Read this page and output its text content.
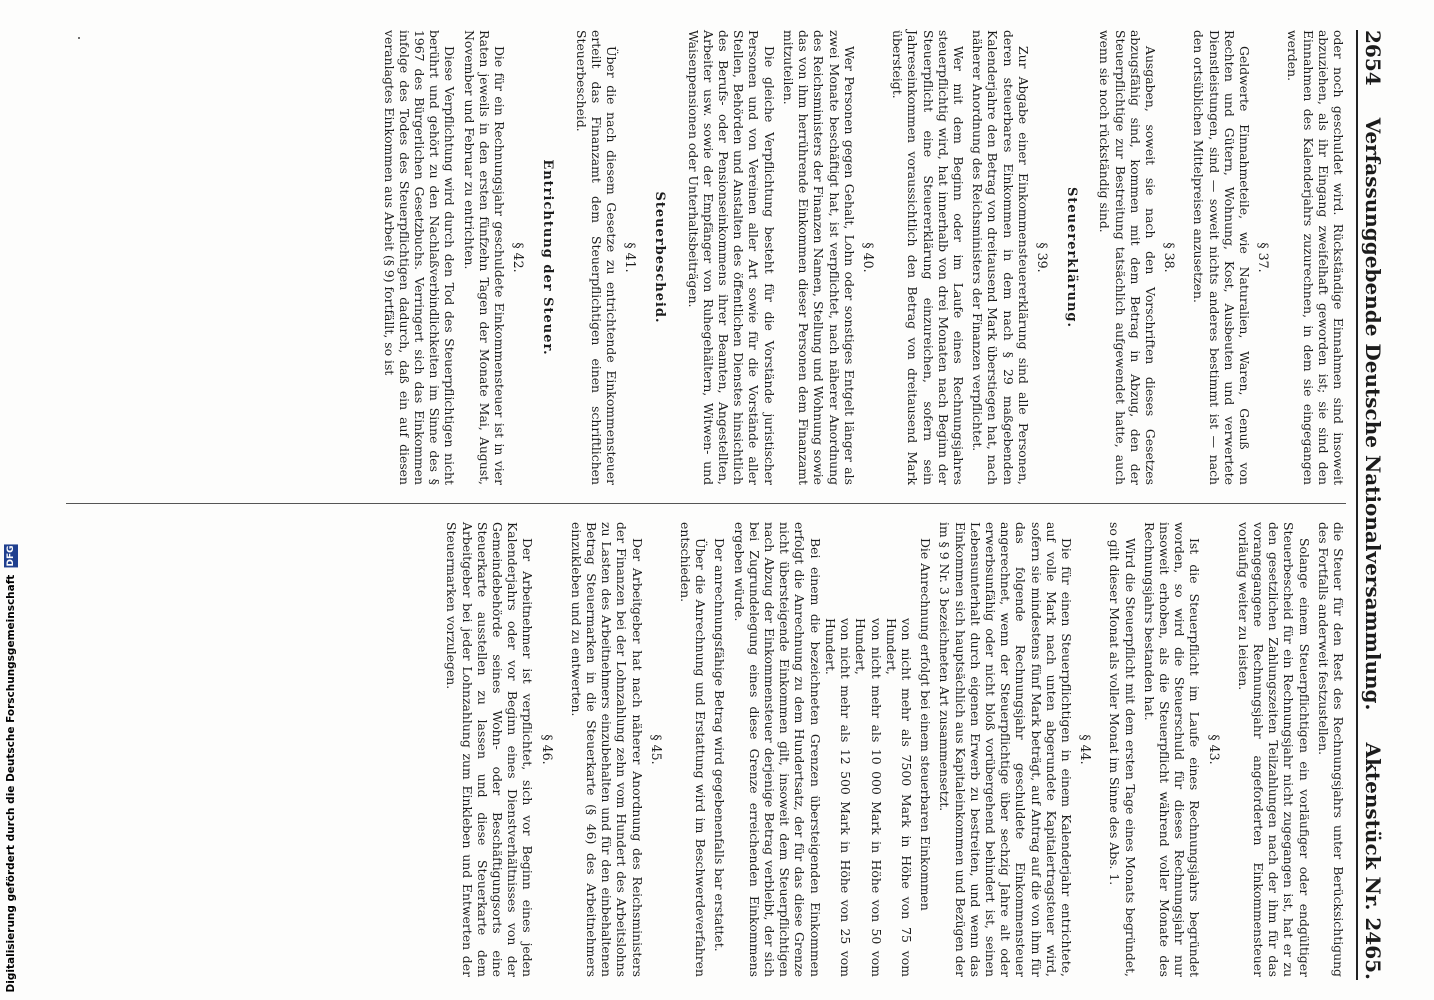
2654
Verfassunggebende Deutsche Nationalversammlung.
Aktenstück Nr. 2465.

oder noch geschuldet wird. Rückständige Einnahmen sind insoweit abzuziehen, als ihr Eingang zweifelhaft geworden ist; sie sind den Einnahmen des Kalenderjahrs zuzurechnen, in dem sie eingegangen werden.

§ 37.

Geldwerte Einnahmeteile, wie Naturalien, Waren, Genuß von Rechten und Gütern, Wohnung, Kost, Ausbeuten und verwertete Dienstleistungen, sind — soweit nichts anderes bestimmt ist — nach den ortsüblichen Mittelpreisen anzusetzen.

§ 38.

Ausgaben, soweit sie nach den Vorschriften dieses Gesetzes abzugsfähig sind, kommen mit dem Betrag in Abzug, den der Steuerpflichtige zur Bestreitung tatsächlich aufgewendet hatte, auch wenn sie noch rückständig sind.

Steuererklärung.
§ 39.

Zur Abgabe einer Einkommensteuererklärung sind alle Personen, deren steuerbares Einkommen in dem nach § 29 maßgebenden Kalenderjahre den Betrag von dreitausend Mark überstiegen hat, nach näherer Anordnung des Reichsministers der Finanzen verpflichtet.

Wer mit dem Beginn oder im Laufe eines Rechnungsjahres steuerpflichtig wird, hat innerhalb von drei Monaten nach Beginn der Steuerpflicht eine Steuererklärung einzureichen, sofern sein Jahreseinkommen voraussichtlich den Betrag von dreitausend Mark übersteigt.

§ 40.

Wer Personen gegen Gehalt, Lohn oder sonstiges Entgelt länger als zwei Monate beschäftigt hat, ist verpflichtet, nach näherer Anordnung des Reichsministers der Finanzen Namen, Stellung und Wohnung sowie das von ihm herrührende Einkommen dieser Personen dem Finanzamt mitzuteilen.

Die gleiche Verpflichtung besteht für die Vorstände juristischer Personen und von Vereinen aller Art sowie für die Vorstände aller Stellen, Behörden und Anstalten des öffentlichen Dienstes hinsichtlich des Berufs- oder Pensionseinkommens ihrer Beamten, Angestellten, Arbeiter usw. sowie der Empfänger von Ruhegehältern, Witwen- und Waisenpensionen oder Unterhaltsbeiträgen.

Steuerbescheid.
§ 41.

Über die nach diesem Gesetze zu entrichtende Einkommensteuer erteilt das Finanzamt dem Steuerpflichtigen einen schriftlichen Steuerbescheid.

Entrichtung der Steuer.
§ 42.

Die für ein Rechnungsjahr geschuldete Einkommensteuer ist in vier Raten jeweils in den ersten fünfzehn Tagen der Monate Mai, August, November und Februar zu entrichten.

Diese Verpflichtung wird durch den Tod des Steuerpflichtigen nicht berührt und gehört zu den Nachlaßverbindlichkeiten im Sinne des § 1967 des Bürgerlichen Gesetzbuchs. Verringert sich das Einkommen infolge des Todes des Steuerpflichtigen dadurch, daß ein auf diesen veranlagtes Einkommen aus Arbeit (§ 9) fortfällt, so ist

die Steuer für den Rest des Rechnungsjahrs unter Berücksichtigung des Fortfalls anderweit festzustellen.

Solange einem Steuerpflichtigen ein vorläufiger oder endgültiger Steuerbescheid für ein Rechnungsjahr nicht zugegangen ist, hat er zu den gesetzlichen Zahlungszeiten Teilzahlungen nach der ihm für das vorangegangene Rechnungsjahr angeforderten Einkommensteuer vorläufig weiter zu leisten.

§ 43.

Ist die Steuerpflicht im Laufe eines Rechnungsjahrs begründet worden, so wird die Steuerschuld für dieses Rechnungsjahr nur insoweit erhoben, als die Steuerpflicht während voller Monate des Rechnungsjahrs bestanden hat.

Wird die Steuerpflicht mit dem ersten Tage eines Monats begründet, so gilt dieser Monat als voller Monat im Sinne des Abs. 1.

§ 44.

Die für einen Steuerpflichtigen in einem Kalenderjahr entrichtete, auf volle Mark nach unten abgerundete Kapitalertragsteuer wird, sofern sie mindestens fünf Mark beträgt, auf Antrag auf die von ihm für das folgende Rechnungsjahr geschuldete Einkommensteuer angerechnet, wenn der Steuerpflichtige über sechzig Jahre alt oder erwerbsunfähig oder nicht bloß vorübergehend behindert ist, seinen Lebensunterhalt durch eigenen Erwerb zu bestreiten, und wenn das Einkommen sich hauptsächlich aus Kapitaleinkommen und Bezügen der im § 9 Nr. 3 bezeichneten Art zusammensetzt.

Die Anrechnung erfolgt bei einem steuerbaren Einkommen

von nicht mehr als 7500 Mark in Höhe von 75 vom Hundert,

von nicht mehr als 10 000 Mark in Höhe von 50 vom Hundert,

von nicht mehr als 12 500 Mark in Höhe von 25 vom Hundert.

Bei einem die bezeichneten Grenzen übersteigenden Einkommen erfolgt die Anrechnung zu dem Hundertsatz, der für das diese Grenze nicht übersteigende Einkommen gilt, insoweit dem Steuerpflichtigen nach Abzug der Einkommensteuer derjenige Betrag verbleibt, der sich bei Zugrundelegung eines diese Grenze erreichenden Einkommens ergeben würde.

Der anrechnungsfähige Betrag wird gegebenenfalls bar erstattet.

Über die Anrechnung und Erstattung wird im Beschwerdeverfahren entschieden.

§ 45.

Der Arbeitgeber hat nach näherer Anordnung des Reichsministers der Finanzen bei der Lohnzahlung zehn vom Hundert des Arbeitslohns zu Lasten des Arbeitnehmers einzubehalten und für den einbehaltenen Betrag Steuermarken in die Steuerkarte (§ 46) des Arbeitnehmers einzukleben und zu entwerten.

§ 46.

Der Arbeitnehmer ist verpflichtet, sich vor Beginn eines jeden Kalenderjahrs oder vor Beginn eines Dienstverhältnisses von der Gemeindebehörde seines Wohn- oder Beschäftigungsorts eine Steuerkarte ausstellen zu lassen und diese Steuerkarte dem Arbeitgeber bei jeder Lohnzahlung zum Einkleben und Entwerten der Steuermarken vorzulegen.

Digitalisierung gefördert durch die Deutsche Forschungsgemeinschaft DFG
